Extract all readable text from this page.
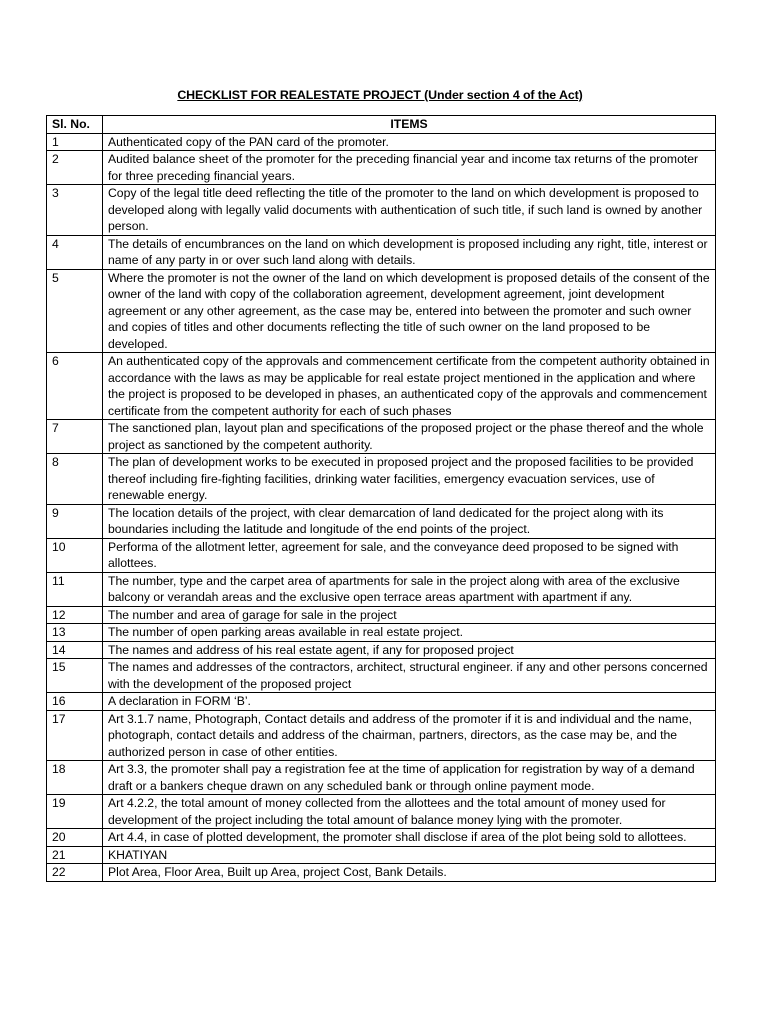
CHECKLIST FOR REALESTATE PROJECT (Under section 4 of the Act)
Sl. No.	ITEMS
1	Authenticated copy of the PAN card of the promoter.
2	Audited balance sheet of the promoter for the preceding financial year and income tax returns of the promoter for three preceding financial years.
3	Copy of the legal title deed reflecting the title of the promoter to the land on which development is proposed to developed along with legally valid documents with authentication of such title, if such land is owned by another person.
4	The details of encumbrances on the land on which development is proposed including any right, title, interest or name of any party in or over such land along with details.
5	Where the promoter is not the owner of the land on which development is proposed details of the consent of the owner of the land with copy of the collaboration agreement, development agreement, joint development agreement or any other agreement, as the case may be, entered into between the promoter and such owner and copies of titles and other documents reflecting the title of such owner on the land proposed to be developed.
6	An authenticated copy of the approvals and commencement certificate from the competent authority obtained in accordance with the laws as may be applicable for real estate project mentioned in the application and where the project is proposed to be developed in phases, an authenticated copy of the approvals and commencement certificate from the competent authority for each of such phases
7	The sanctioned plan, layout plan and specifications of the proposed project or the phase thereof and the whole project as sanctioned by the competent authority.
8	The plan of development works to be executed in proposed project and the proposed facilities to be provided thereof including fire-fighting facilities, drinking water facilities, emergency evacuation services, use of renewable energy.
9	The location details of the project, with clear demarcation of land dedicated for the project along with its boundaries including the latitude and longitude of the end points of the project.
10	Performa of the allotment letter, agreement for sale, and the conveyance deed proposed to be signed with allottees.
11	The number, type and the carpet area of apartments for sale in the project along with area of the exclusive balcony or verandah areas and the exclusive open terrace areas apartment with apartment if any.
12	The number and area of garage for sale in the project
13	The number of open parking areas available in real estate project.
14	The names and address of his real estate agent, if any for proposed project
15	The names and addresses of the contractors, architect, structural engineer. if any and other persons concerned with the development of the proposed project
16	A declaration in FORM ‘B’.
17	Art 3.1.7 name, Photograph, Contact details and address of the promoter if it is and individual and the name, photograph, contact details and address of the chairman, partners, directors, as the case may be, and the authorized person in case of other entities.
18	Art 3.3, the promoter shall pay a registration fee at the time of application for registration by way of a demand draft or a bankers cheque drawn on any scheduled bank or through online payment mode.
19	Art 4.2.2, the total amount of money collected from the allottees and the total amount of money used for development of the project including the total amount of balance money lying with the promoter.
20	Art 4.4, in case of plotted development, the promoter shall disclose if area of the plot being sold to allottees.
21	KHATIYAN
22	Plot Area, Floor Area, Built up Area, project Cost, Bank Details.
